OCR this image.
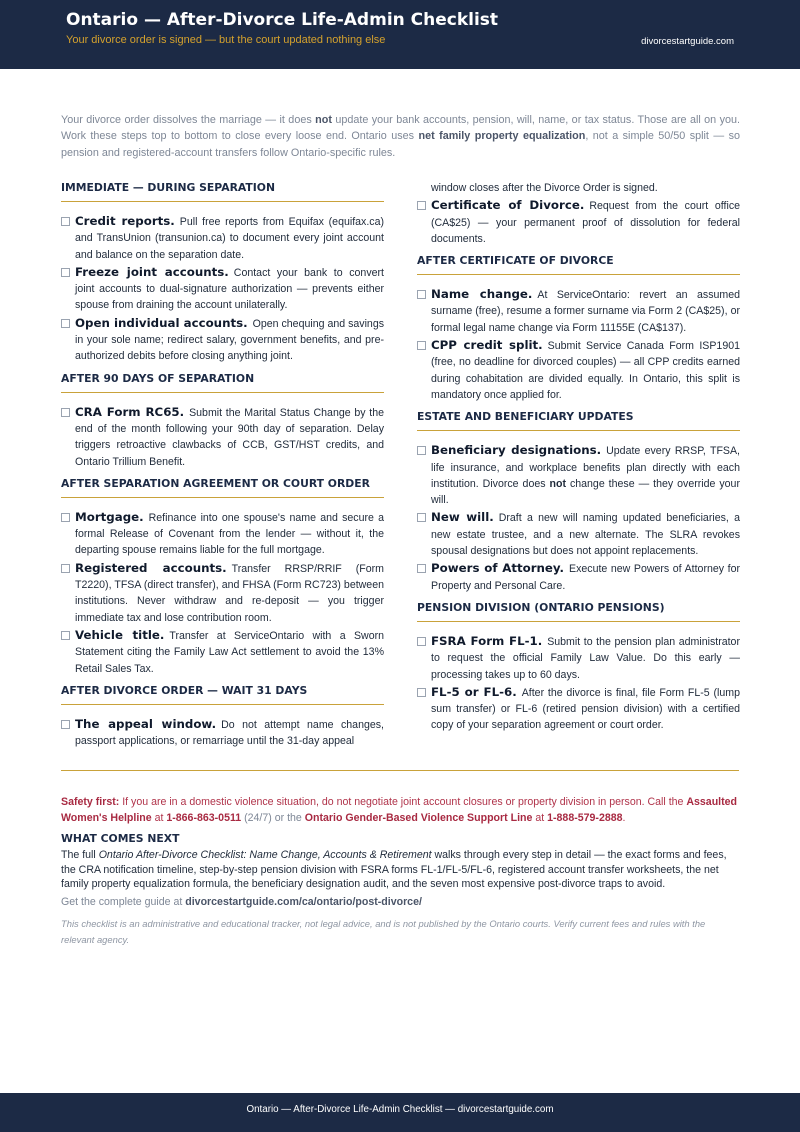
Ontario — After-Divorce Life-Admin Checklist
Your divorce order is signed — but the court updated nothing else	divorcestartguide.com
Your divorce order dissolves the marriage — it does not update your bank accounts, pension, will, name, or tax status. Those are all on you. Work these steps top to bottom to close every loose end. Ontario uses net family property equalization, not a simple 50/50 split — so pension and registered-account transfers follow Ontario-specific rules.
IMMEDIATE — DURING SEPARATION
Credit reports. Pull free reports from Equifax (equifax.ca) and TransUnion (transunion.ca) to document every joint account and balance on the separation date.
Freeze joint accounts. Contact your bank to convert joint accounts to dual-signature authorization — prevents either spouse from draining the account unilaterally.
Open individual accounts. Open chequing and savings in your sole name; redirect salary, government benefits, and pre-authorized debits before closing anything joint.
AFTER 90 DAYS OF SEPARATION
CRA Form RC65. Submit the Marital Status Change by the end of the month following your 90th day of separation. Delay triggers retroactive clawbacks of CCB, GST/HST credits, and Ontario Trillium Benefit.
AFTER SEPARATION AGREEMENT OR COURT ORDER
Mortgage. Refinance into one spouse's name and secure a formal Release of Covenant from the lender — without it, the departing spouse remains liable for the full mortgage.
Registered accounts. Transfer RRSP/RRIF (Form T2220), TFSA (direct transfer), and FHSA (Form RC723) between institutions. Never withdraw and re-deposit — you trigger immediate tax and lose contribution room.
Vehicle title. Transfer at ServiceOntario with a Sworn Statement citing the Family Law Act settlement to avoid the 13% Retail Sales Tax.
AFTER DIVORCE ORDER — WAIT 31 DAYS
The appeal window. Do not attempt name changes, passport applications, or remarriage until the 31-day appeal
window closes after the Divorce Order is signed.
Certificate of Divorce. Request from the court office (CA$25) — your permanent proof of dissolution for federal documents.
AFTER CERTIFICATE OF DIVORCE
Name change. At ServiceOntario: revert an assumed surname (free), resume a former surname via Form 2 (CA$25), or formal legal name change via Form 11155E (CA$137).
CPP credit split. Submit Service Canada Form ISP1901 (free, no deadline for divorced couples) — all CPP credits earned during cohabitation are divided equally. In Ontario, this split is mandatory once applied for.
ESTATE AND BENEFICIARY UPDATES
Beneficiary designations. Update every RRSP, TFSA, life insurance, and workplace benefits plan directly with each institution. Divorce does not change these — they override your will.
New will. Draft a new will naming updated beneficiaries, a new estate trustee, and a new alternate. The SLRA revokes spousal designations but does not appoint replacements.
Powers of Attorney. Execute new Powers of Attorney for Property and Personal Care.
PENSION DIVISION (ONTARIO PENSIONS)
FSRA Form FL-1. Submit to the pension plan administrator to request the official Family Law Value. Do this early — processing takes up to 60 days.
FL-5 or FL-6. After the divorce is final, file Form FL-5 (lump sum transfer) or FL-6 (retired pension division) with a certified copy of your separation agreement or court order.
Safety first: If you are in a domestic violence situation, do not negotiate joint account closures or property division in person. Call the Assaulted Women's Helpline at 1-866-863-0511 (24/7) or the Ontario Gender-Based Violence Support Line at 1-888-579-2888.
WHAT COMES NEXT
The full Ontario After-Divorce Checklist: Name Change, Accounts & Retirement walks through every step in detail — the exact forms and fees, the CRA notification timeline, step-by-step pension division with FSRA forms FL-1/FL-5/FL-6, registered account transfer worksheets, the net family property equalization formula, the beneficiary designation audit, and the seven most expensive post-divorce traps to avoid.
Get the complete guide at divorcestartguide.com/ca/ontario/post-divorce/
This checklist is an administrative and educational tracker, not legal advice, and is not published by the Ontario courts. Verify current fees and rules with the relevant agency.
Ontario — After-Divorce Life-Admin Checklist — divorcestartguide.com
